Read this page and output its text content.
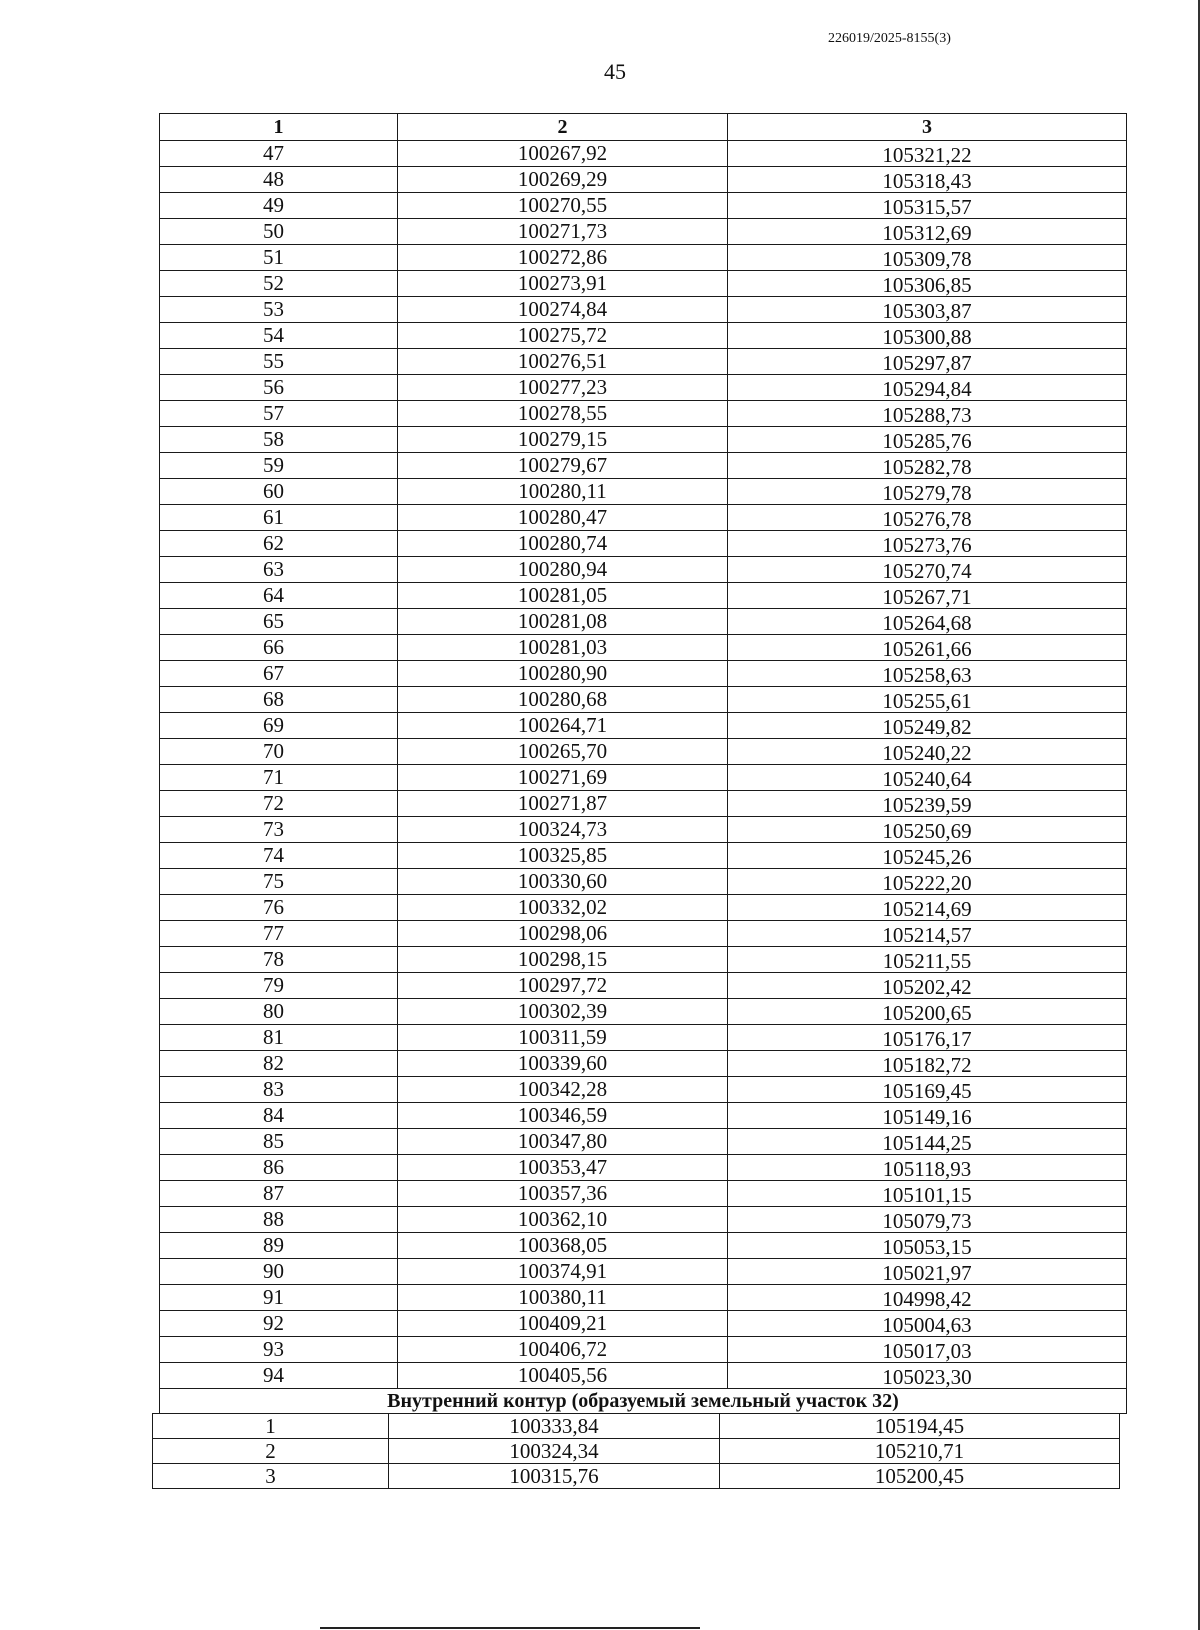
226019/2025-8155(3)
45
1	2	3
47	100267,92	105321,22
48	100269,29	105318,43
49	100270,55	105315,57
50	100271,73	105312,69
51	100272,86	105309,78
52	100273,91	105306,85
53	100274,84	105303,87
54	100275,72	105300,88
55	100276,51	105297,87
56	100277,23	105294,84
57	100278,55	105288,73
58	100279,15	105285,76
59	100279,67	105282,78
60	100280,11	105279,78
61	100280,47	105276,78
62	100280,74	105273,76
63	100280,94	105270,74
64	100281,05	105267,71
65	100281,08	105264,68
66	100281,03	105261,66
67	100280,90	105258,63
68	100280,68	105255,61
69	100264,71	105249,82
70	100265,70	105240,22
71	100271,69	105240,64
72	100271,87	105239,59
73	100324,73	105250,69
74	100325,85	105245,26
75	100330,60	105222,20
76	100332,02	105214,69
77	100298,06	105214,57
78	100298,15	105211,55
79	100297,72	105202,42
80	100302,39	105200,65
81	100311,59	105176,17
82	100339,60	105182,72
83	100342,28	105169,45
84	100346,59	105149,16
85	100347,80	105144,25
86	100353,47	105118,93
87	100357,36	105101,15
88	100362,10	105079,73
89	100368,05	105053,15
90	100374,91	105021,97
91	100380,11	104998,42
92	100409,21	105004,63
93	100406,72	105017,03
94	100405,56	105023,30
Внутренний контур (образуемый земельный участок 32)		
1	100333,84	105194,45
2	100324,34	105210,71
3	100315,76	105200,45
